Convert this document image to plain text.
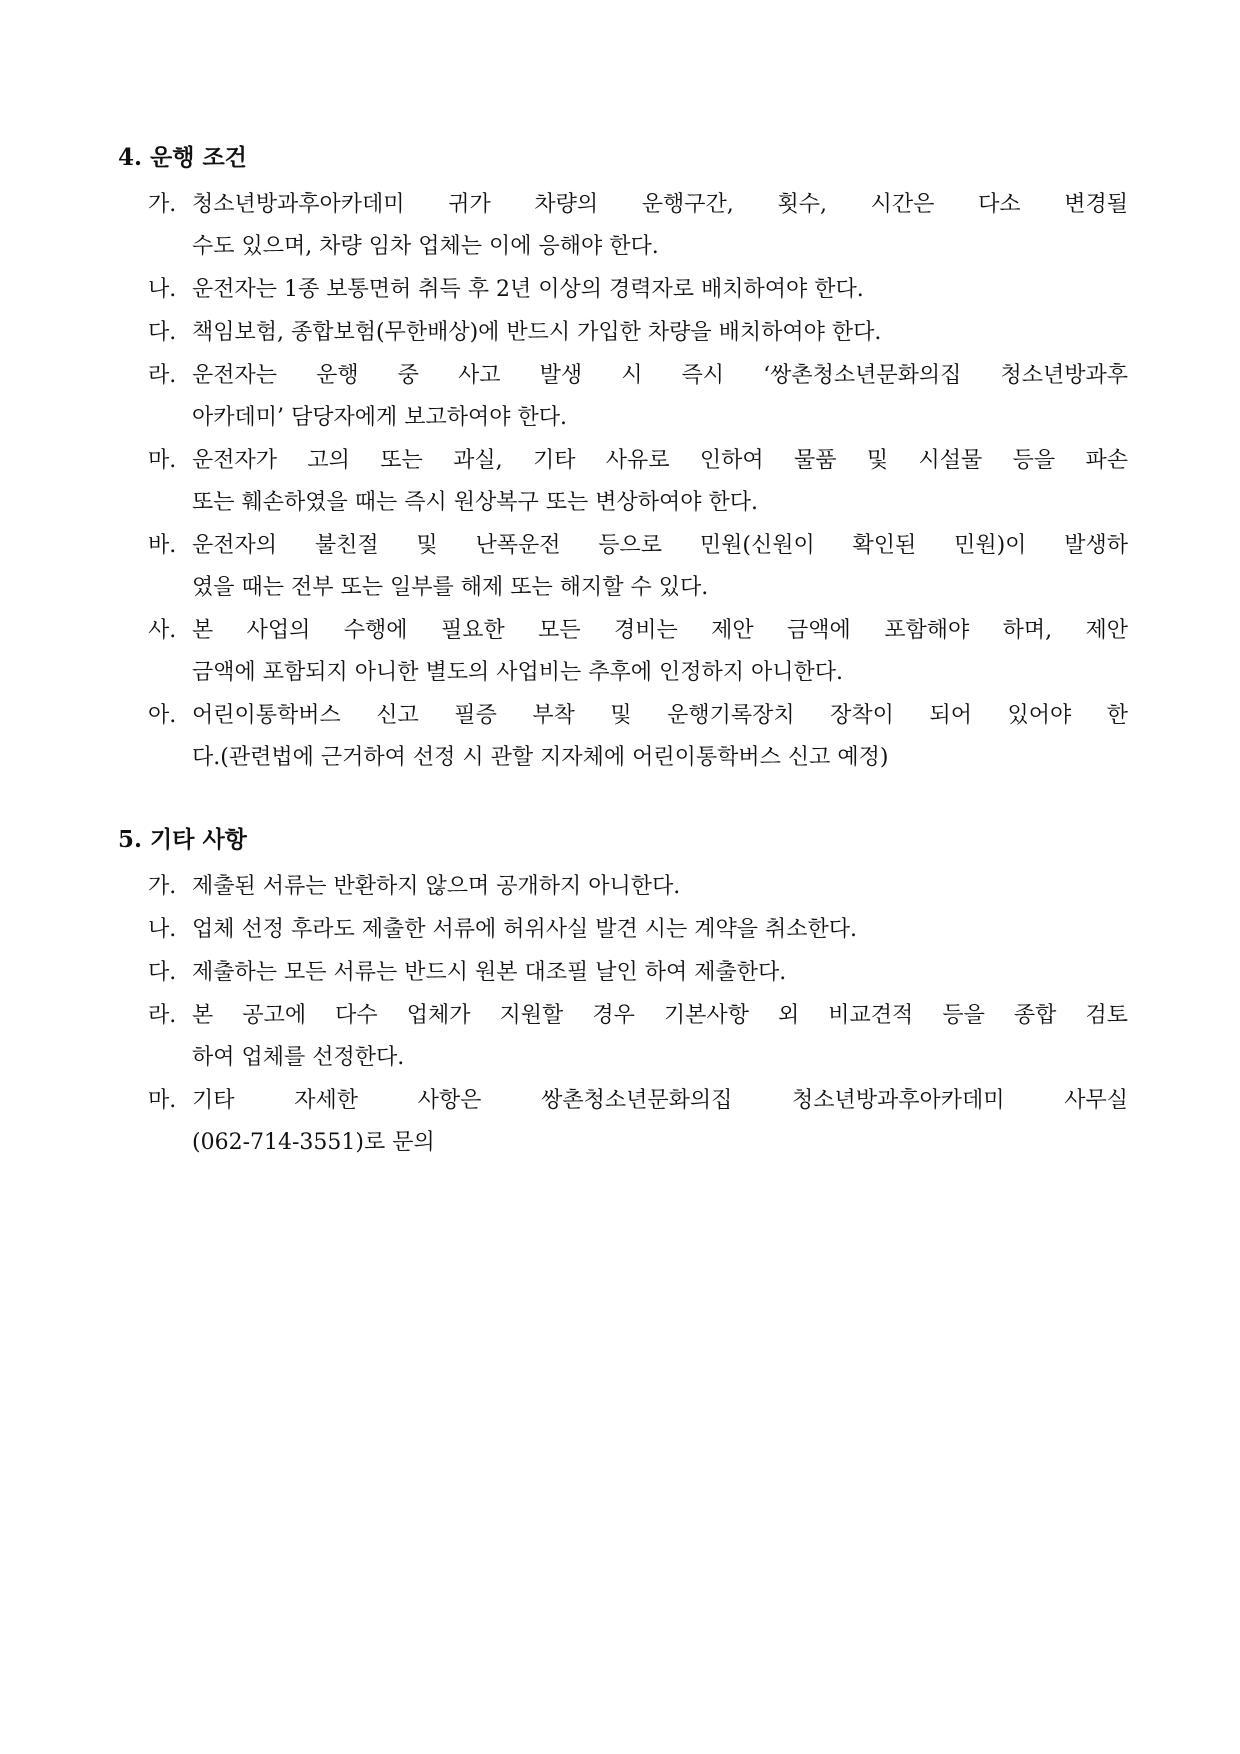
4. 운행 조건
가. 청소년방과후아카데미 귀가 차량의 운행구간, 횟수, 시간은 다소 변경될
수도 있으며, 차량 임차 업체는 이에 응해야 한다.
나. 운전자는 1종 보통면허 취득 후 2년 이상의 경력자로 배치하여야 한다.
다. 책임보험, 종합보험(무한배상)에 반드시 가입한 차량을 배치하여야 한다.
라. 운전자는 운행 중 사고 발생 시 즉시 ‘쌍촌청소년문화의집 청소년방과후
아카데미’ 담당자에게 보고하여야 한다.
마. 운전자가 고의 또는 과실, 기타 사유로 인하여 물품 및 시설물 등을 파손
또는 훼손하였을 때는 즉시 원상복구 또는 변상하여야 한다.
바. 운전자의 불친절 및 난폭운전 등으로 민원(신원이 확인된 민원)이 발생하
였을 때는 전부 또는 일부를 해제 또는 해지할 수 있다.
사. 본 사업의 수행에 필요한 모든 경비는 제안 금액에 포함해야 하며, 제안
금액에 포함되지 아니한 별도의 사업비는 추후에 인정하지 아니한다.
아. 어린이통학버스 신고 필증 부착 및 운행기록장치 장착이 되어 있어야 한
다.(관련법에 근거하여 선정 시 관할 지자체에 어린이통학버스 신고 예정)
5. 기타 사항
가. 제출된 서류는 반환하지 않으며 공개하지 아니한다.
나. 업체 선정 후라도 제출한 서류에 허위사실 발견 시는 계약을 취소한다.
다. 제출하는 모든 서류는 반드시 원본 대조필 날인 하여 제출한다.
라. 본 공고에 다수 업체가 지원할 경우 기본사항 외 비교견적 등을 종합 검토
하여 업체를 선정한다.
마. 기타 자세한 사항은 쌍촌청소년문화의집 청소년방과후아카데미 사무실
(062-714-3551)로 문의
